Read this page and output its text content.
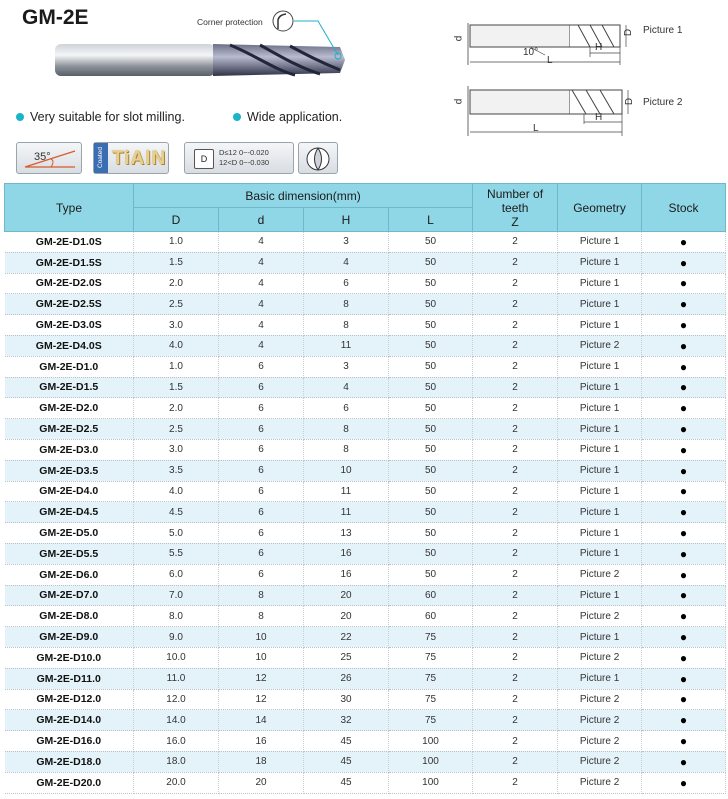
GM-2E	Corner protection
Very suitable for slot milling.	Wide application.
35°	Coated TiAlN	D
D≤12 0~-0.020
12<D 0~-0.030
d
D
H
L
10°
Picture 1
d	D
H
L
Picture 2
Type	Basic dimension(mm)				Number of teeth
Z	Geometry	Stock
	D	d	H	L			
GM-2E-D1.0S	1.0	4	3	50	2	Picture 1	●
GM-2E-D1.5S	1.5	4	4	50	2	Picture 1	●
GM-2E-D2.0S	2.0	4	6	50	2	Picture 1	●
GM-2E-D2.5S	2.5	4	8	50	2	Picture 1	●
GM-2E-D3.0S	3.0	4	8	50	2	Picture 1	●
GM-2E-D4.0S	4.0	4	11	50	2	Picture 2	●
GM-2E-D1.0	1.0	6	3	50	2	Picture 1	●
GM-2E-D1.5	1.5	6	4	50	2	Picture 1	●
GM-2E-D2.0	2.0	6	6	50	2	Picture 1	●
GM-2E-D2.5	2.5	6	8	50	2	Picture 1	●
GM-2E-D3.0	3.0	6	8	50	2	Picture 1	●
GM-2E-D3.5	3.5	6	10	50	2	Picture 1	●
GM-2E-D4.0	4.0	6	11	50	2	Picture 1	●
GM-2E-D4.5	4.5	6	11	50	2	Picture 1	●
GM-2E-D5.0	5.0	6	13	50	2	Picture 1	●
GM-2E-D5.5	5.5	6	16	50	2	Picture 1	●
GM-2E-D6.0	6.0	6	16	50	2	Picture 2	●
GM-2E-D7.0	7.0	8	20	60	2	Picture 1	●
GM-2E-D8.0	8.0	8	20	60	2	Picture 2	●
GM-2E-D9.0	9.0	10	22	75	2	Picture 1	●
GM-2E-D10.0	10.0	10	25	75	2	Picture 2	●
GM-2E-D11.0	11.0	12	26	75	2	Picture 1	●
GM-2E-D12.0	12.0	12	30	75	2	Picture 2	●
GM-2E-D14.0	14.0	14	32	75	2	Picture 2	●
GM-2E-D16.0	16.0	16	45	100	2	Picture 2	●
GM-2E-D18.0	18.0	18	45	100	2	Picture 2	●
GM-2E-D20.0	20.0	20	45	100	2	Picture 2	●
